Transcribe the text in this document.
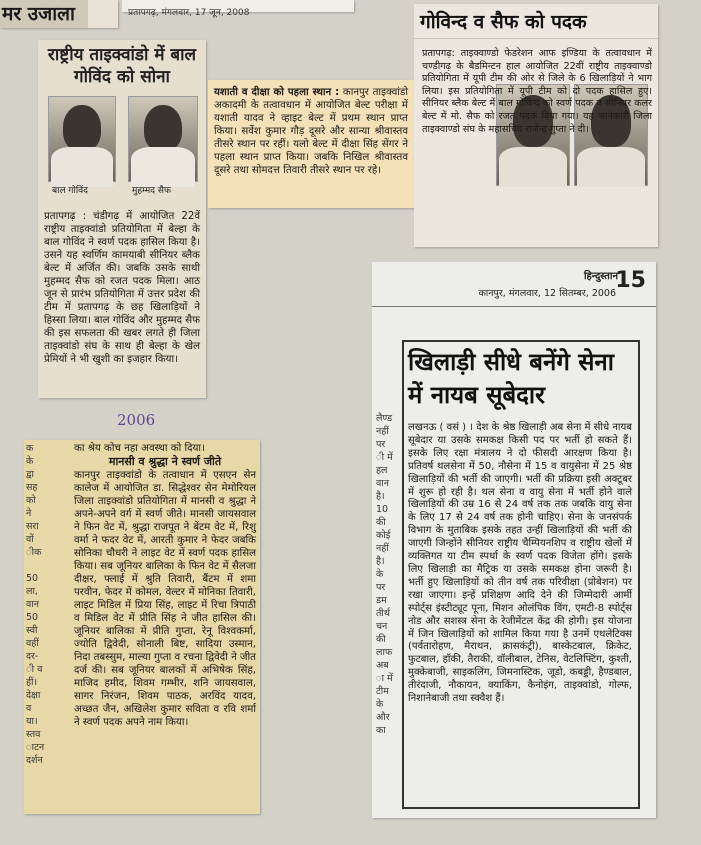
मर उजाला	प्रतापगढ़, मंगलवार, 17 जून, 2008
राष्ट्रीय ताइक्वांडो में बाल गोविंद को सोना
बाल गोविंद	मुहम्मद सैफ
प्रतापगढ़ : चंडीगढ़ में आयोजित 22वें राष्ट्रीय ताइक्वांडो प्रतियोगिता में बेल्हा के बाल गोविंद ने स्वर्ण पदक हासिल किया है। उसने यह स्वर्णिम कामयाबी सीनियर ब्लैक बेल्ट में अर्जित की। जबकि उसके साथी मुहम्मद सैफ को रजत पदक मिला। आठ जून से प्रारंभ प्रतियोगिता में उत्तर प्रदेश की टीम में प्रतापगढ़ के छह खिलाड़ियों ने हिस्सा लिया। बाल गोविंद और मुहम्मद सैफ की इस सफलता की खबर लगते ही जिला ताइक्वांडो संघ के साथ ही बेल्हा के खेल प्रेमियों ने भी खुशी का इजहार किया।
2006
यशाती व दीक्षा को पहला स्थान : कानपुर ताइक्वांडो अकादमी के तत्वावधान में आयोजित बेल्ट परीक्षा में यशाती यादव ने व्हाइट बेल्ट में प्रथम स्थान प्राप्त किया। सर्वेश कुमार गौड़ दूसरे और सान्या श्रीवास्तव तीसरे स्थान पर रहीं। यलो बेल्ट में दीक्षा सिंह सेंगर ने पहला स्थान प्राप्त किया। जबकि निखिल श्रीवास्तव दूसरे तथा सोमदत्त तिवारी तीसरे स्थान पर रहे।
गोविन्द व सैफ को पदक
प्रतापगढ़: ताइक्वाण्डो फेडरेशन आफ इण्डिया के तत्वावधान में चण्डीगढ़ के बैडमिन्टन हाल आयोजित 22वीं राष्ट्रीय ताइक्वाण्डो प्रतियोगिता में यूपी टीम की ओर से जिले के 6 खिलाड़ियों ने भाग लिया। इस प्रतियोगिता में यूपी टीम को दो पदक हासिल हुए। सीनियर ब्लैक बेल्ट में बाल गोविन्द को स्वर्ण पदक व सीनियर कलर बेल्ट में मो. सैफ को रजत पदक दिया गया। यह जानकारी जिला ताइक्वाण्डो संघ के महासचिव राजेन्द्र गुप्ता ने दी।
हिन्दुस्तान
कानपुर, मंगलवार, 12 सितम्बर, 2006
15
लैण्ड
नहीं
पर
ी में
हल
वान
है।
10
की
कोई
नहीं
है।
के
पर
डम
तीर्थ
चन
की
लाफ
अब
ा में
टीम
के
और
का
खिलाड़ी सीधे बनेंगे सेना में नायब सूबेदार
लखनऊ ( वसं ) । देश के श्रेष्ठ खिलाड़ी अब सेना में सीधे नायब सूबेदार या उसके समकक्ष किसी पद पर भर्ती हो सकते हैं। इसके लिए रक्षा मंत्रालय ने दो फीसदी आरक्षण किया है। प्रतिवर्ष थलसेना में 50, नौसेना में 15 व वायुसेना में 25 श्रेष्ठ खिलाड़ियों की भर्ती की जाएगी। भर्ती की प्रक्रिया इसी अक्टूबर में शुरू हो रही है। थल सेना व वायु सेना में भर्ती होने वाले खिलाड़ियों की उम्र 16 से 24 वर्ष तक तक जबकि वायु सेना के लिए 17 से 24 वर्ष तक होनी चाहिए। सेना के जनसंपर्क विभाग के मुताबिक इसके तहत उन्हीं खिलाड़ियों की भर्ती की जाएगी जिन्होंने सीनियर राष्ट्रीय चैम्पियनशिप व राष्ट्रीय खेलों में व्यक्तिगत या टीम स्पर्धा के स्वर्ण पदक विजेता होंगे। इसके लिए खिलाड़ी का मैट्रिक या उसके समकक्ष होना जरूरी है। भर्ती हुए खिलाड़ियों को तीन वर्ष तक परिवीक्षा (प्रोबेशन) पर रखा जाएगा। इन्हें प्रशिक्षण आदि देने की जिम्मेदारी आर्मी स्पोर्ट्स इंस्टीट्यूट पूना, मिशन ओलंपिक विंग, एमटी-8 स्पोर्ट्स नोड और सशस्त्र सेना के रेजीमेंटल केंद्र की होगी। इस योजना में जिन खिलाड़ियों को शामिल किया गया है उनमें एथलेटिक्स (पर्वतारोहण, मैराथन, क्रासकंट्री), बास्केटबाल, क्रिकेट, फुटबाल, हॉकी, तैराकी, वॉलीबाल, टेनिस, वेटलिफ्टिंग, कुश्ती, मुक्केबाजी, साइकलिंग, जिमनास्टिक, जूडो, कबड्डी, हैण्डबाल, तीरंदाजी, नौकायन, क्याकिंग, कैनोइंग, ताइक्वांडो, गोल्फ, निशानेबाजी तथा स्क्वैश हैं।
क
के
द्वा
सह
को
ने
सरा
वों
ीक

50
ला,
वान
50
स्वी
वहीं
दर-
ी व
हीं।
देक्षा
व
या।
स्तव
ाटन
दर्शन
का श्रेय कोच नहा अवस्था को दिया।
मानसी व श्रुद्धा ने स्वर्ण जीते
कानपुर ताइक्वांडो के तत्वाधान में एसएन सेन कालेज में आयोजित डा. सिद्धेश्वर सेन मेमोरियल जिला ताइक्वांडो प्रतियोगिता में मानसी व श्रुद्धा ने अपने-अपने वर्ग में स्वर्ण जीते। मानसी जायसवाल ने फिन वेट में, श्रुद्धा राजपूत ने बेंटम वेट में, रिशु वर्मा ने फदर वेट में, आरती कुमार ने फेदर जबकि सोनिका चौधरी ने लाइट वेट में स्वर्ण पदक हासिल किया। सब जूनियर बालिका के फिन वेट में सैलजा दीक्षर, फ्लाई में श्रुति तिवारी, बैंटम में शमा परवीन, फेदर में कोमल, वेल्टर में मोनिका तिवारी, लाइट मिडिल में प्रिया सिंह, लाइट में रिचा त्रिपाठी व मिडिल वेट में प्रीति सिंह ने जीत हासिल की। जूनियर बालिका में प्रीति गुप्ता, रेनू विश्वकर्मा, ज्योति द्विवेदी, सोनाली बिष्ट, सादिया उस्मान, निदा तबस्सुम, माल्या गुप्ता व रचना द्विवेदी ने जीत दर्ज की। सब जूनियर बालकों में अभिषेक सिंह, माजिद हमीद, शिवम गम्भीर, शनि जायसवाल, सागर निरंजन, शिवम पाठक, अरविंद यादव, अच्छत जैन, अखिलेश कुमार सविता व रवि शर्मा ने स्वर्ण पदक अपने नाम किया।
